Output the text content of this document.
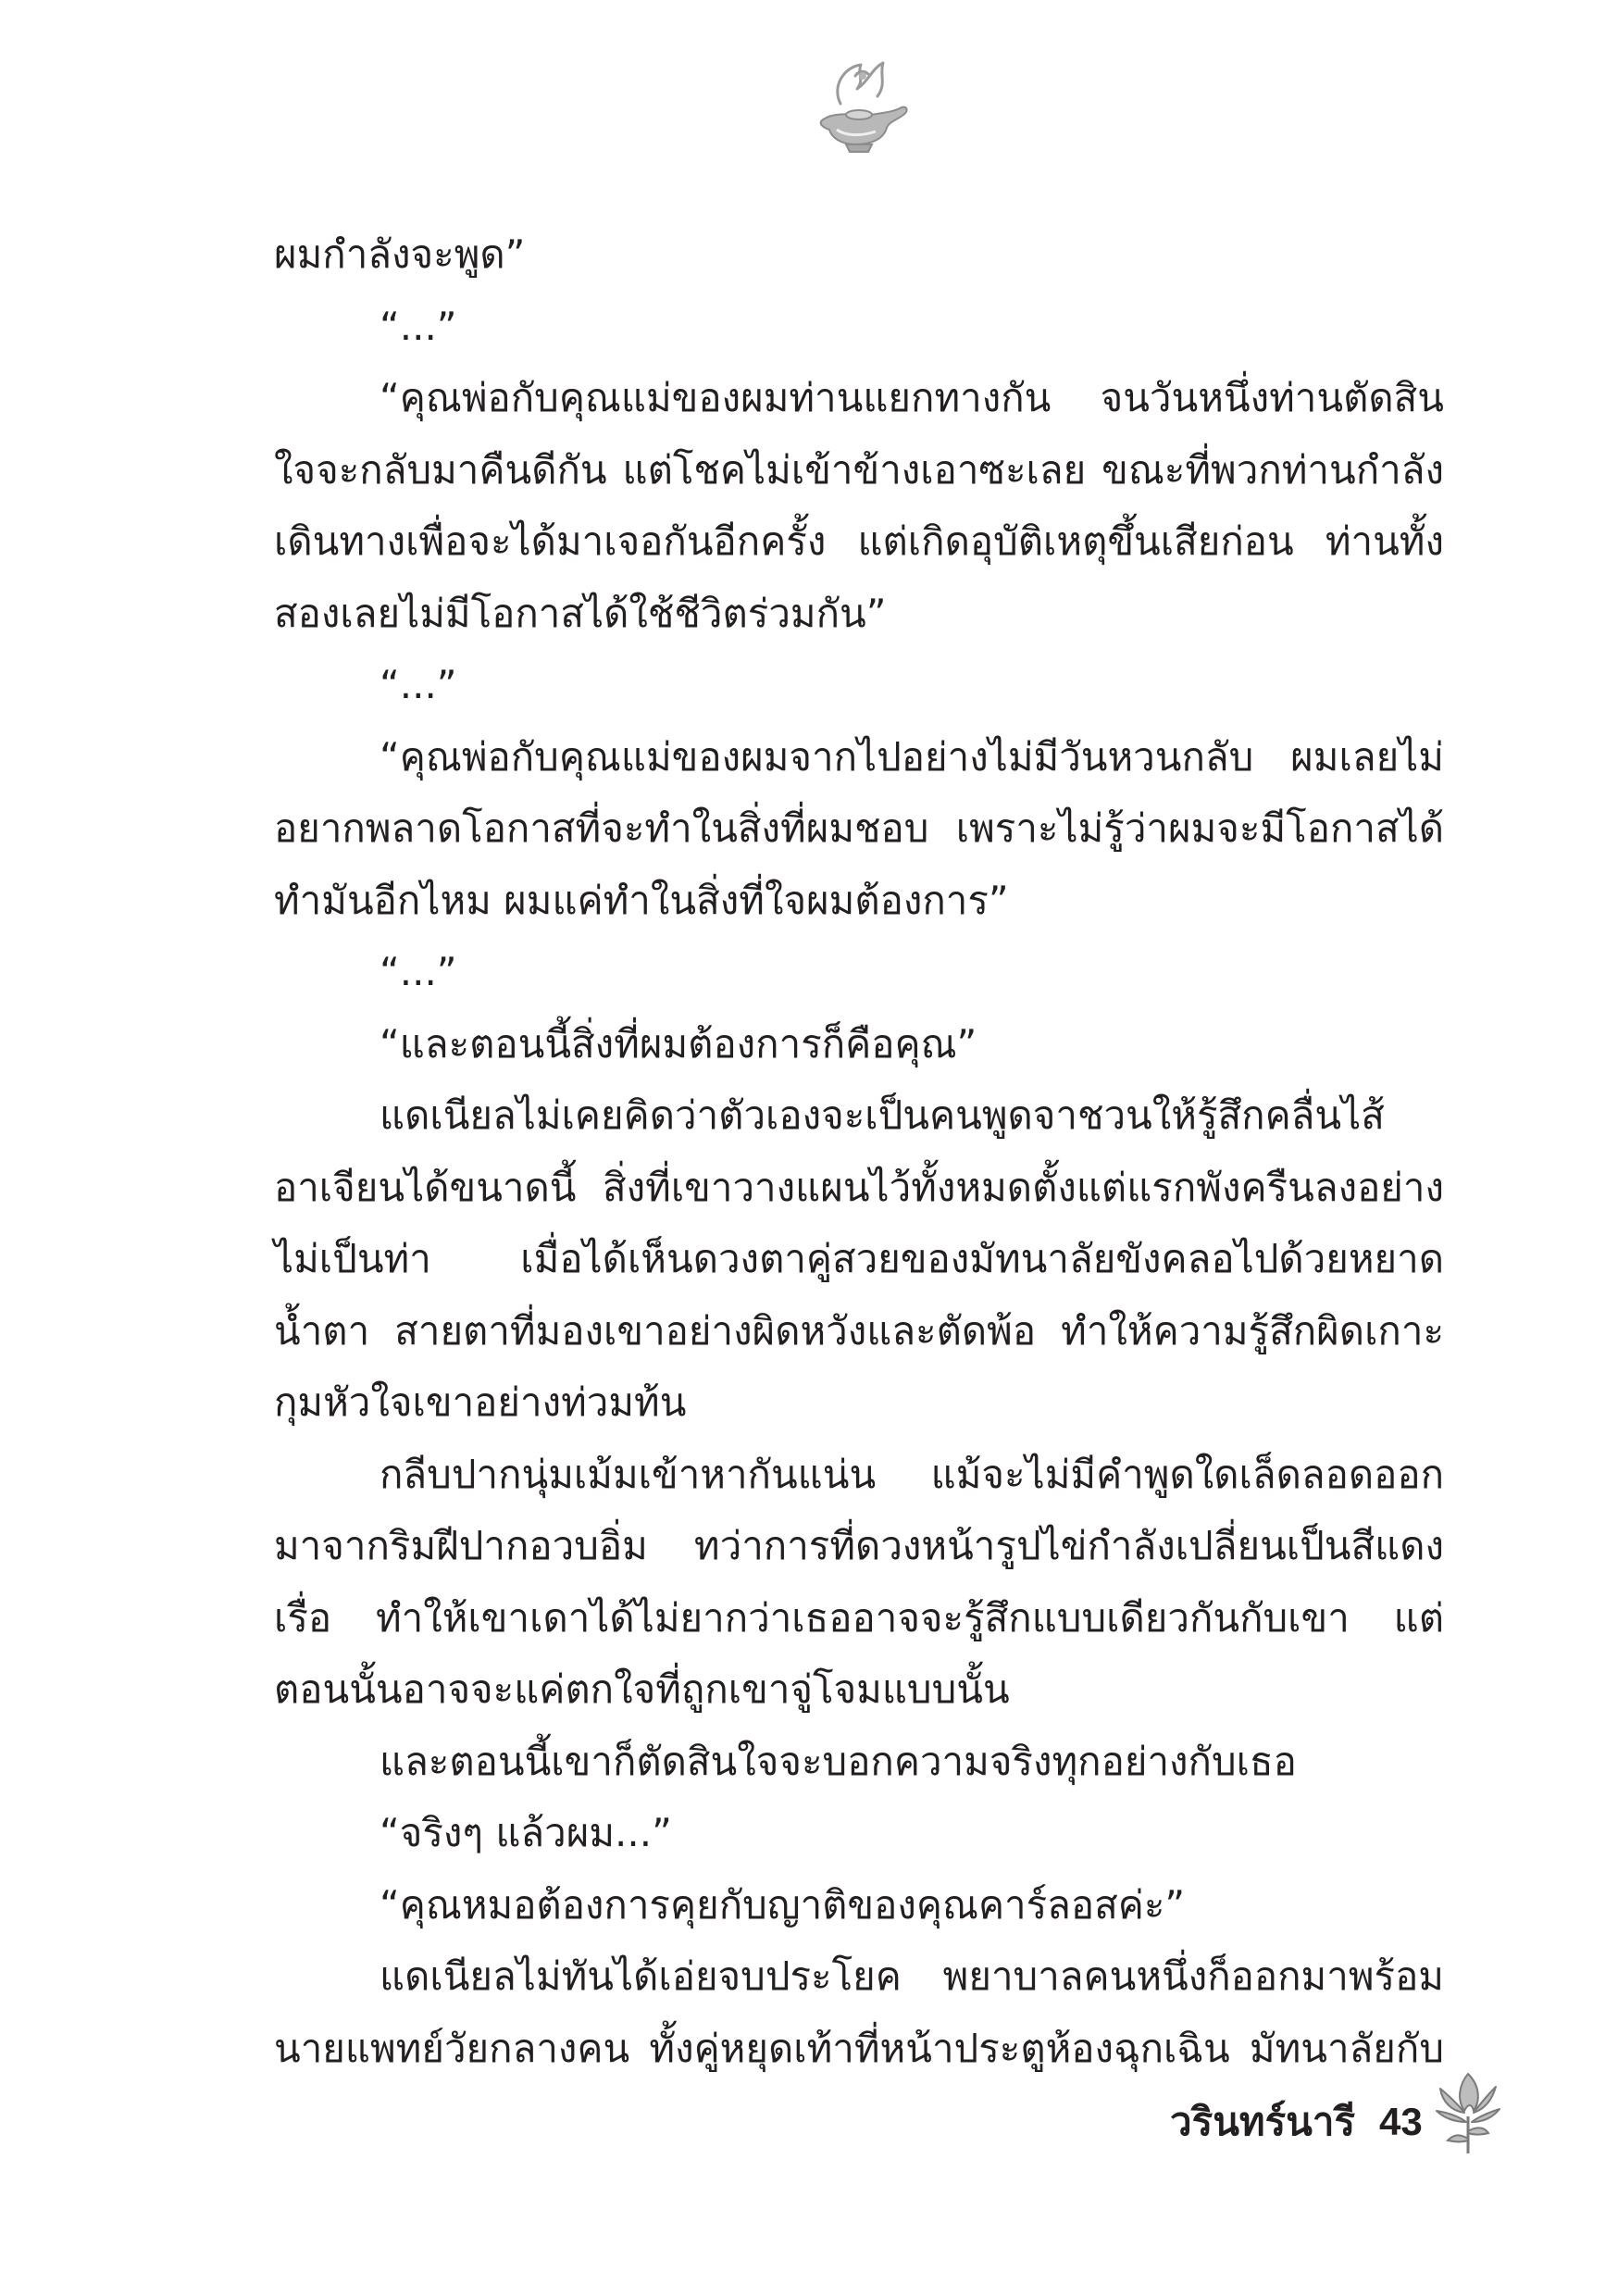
ผมกำลังจะพูด”

“...”

“คุณพ่อกับคุณแม่ของผมท่านแยกทางกัน จนวันหนึ่งท่านตัดสินใจจะกลับมาคืนดีกัน แต่โชคไม่เข้าข้างเอาซะเลย ขณะที่พวกท่านกำลังเดินทางเพื่อจะได้มาเจอกันอีกครั้ง แต่เกิดอุบัติเหตุขึ้นเสียก่อน ท่านทั้งสองเลยไม่มีโอกาสได้ใช้ชีวิตร่วมกัน”

“...”

“คุณพ่อกับคุณแม่ของผมจากไปอย่างไม่มีวันหวนกลับ ผมเลยไม่อยากพลาดโอกาสที่จะทำในสิ่งที่ผมชอบ เพราะไม่รู้ว่าผมจะมีโอกาสได้ทำมันอีกไหม ผมแค่ทำในสิ่งที่ใจผมต้องการ”

“...”

“และตอนนี้สิ่งที่ผมต้องการก็คือคุณ”

แดเนียลไม่เคยคิดว่าตัวเองจะเป็นคนพูดจาชวนให้รู้สึกคลื่นไส้อาเจียนได้ขนาดนี้ สิ่งที่เขาวางแผนไว้ทั้งหมดตั้งแต่แรกพังครืนลงอย่างไม่เป็นท่า เมื่อได้เห็นดวงตาคู่สวยของมัทนาลัยขังคลอไปด้วยหยาดน้ำตา สายตาที่มองเขาอย่างผิดหวังและตัดพ้อ ทำให้ความรู้สึกผิดเกาะกุมหัวใจเขาอย่างท่วมท้น

กลีบปากนุ่มเม้มเข้าหากันแน่น แม้จะไม่มีคำพูดใดเล็ดลอดออกมาจากริมฝีปากอวบอิ่ม ทว่าการที่ดวงหน้ารูปไข่กำลังเปลี่ยนเป็นสีแดงเรื่อ ทำให้เขาเดาได้ไม่ยากว่าเธออาจจะรู้สึกแบบเดียวกันกับเขา แต่ตอนนั้นอาจจะแค่ตกใจที่ถูกเขาจู่โจมแบบนั้น

และตอนนี้เขาก็ตัดสินใจจะบอกความจริงทุกอย่างกับเธอ

“จริงๆ แล้วผม...”

“คุณหมอต้องการคุยกับญาติของคุณคาร์ลอสค่ะ”

แดเนียลไม่ทันได้เอ่ยจบประโยค พยาบาลคนหนึ่งก็ออกมาพร้อมนายแพทย์วัยกลางคน ทั้งคู่หยุดเท้าที่หน้าประตูห้องฉุกเฉิน มัทนาลัยกับ

วรินทร์นารี 43
